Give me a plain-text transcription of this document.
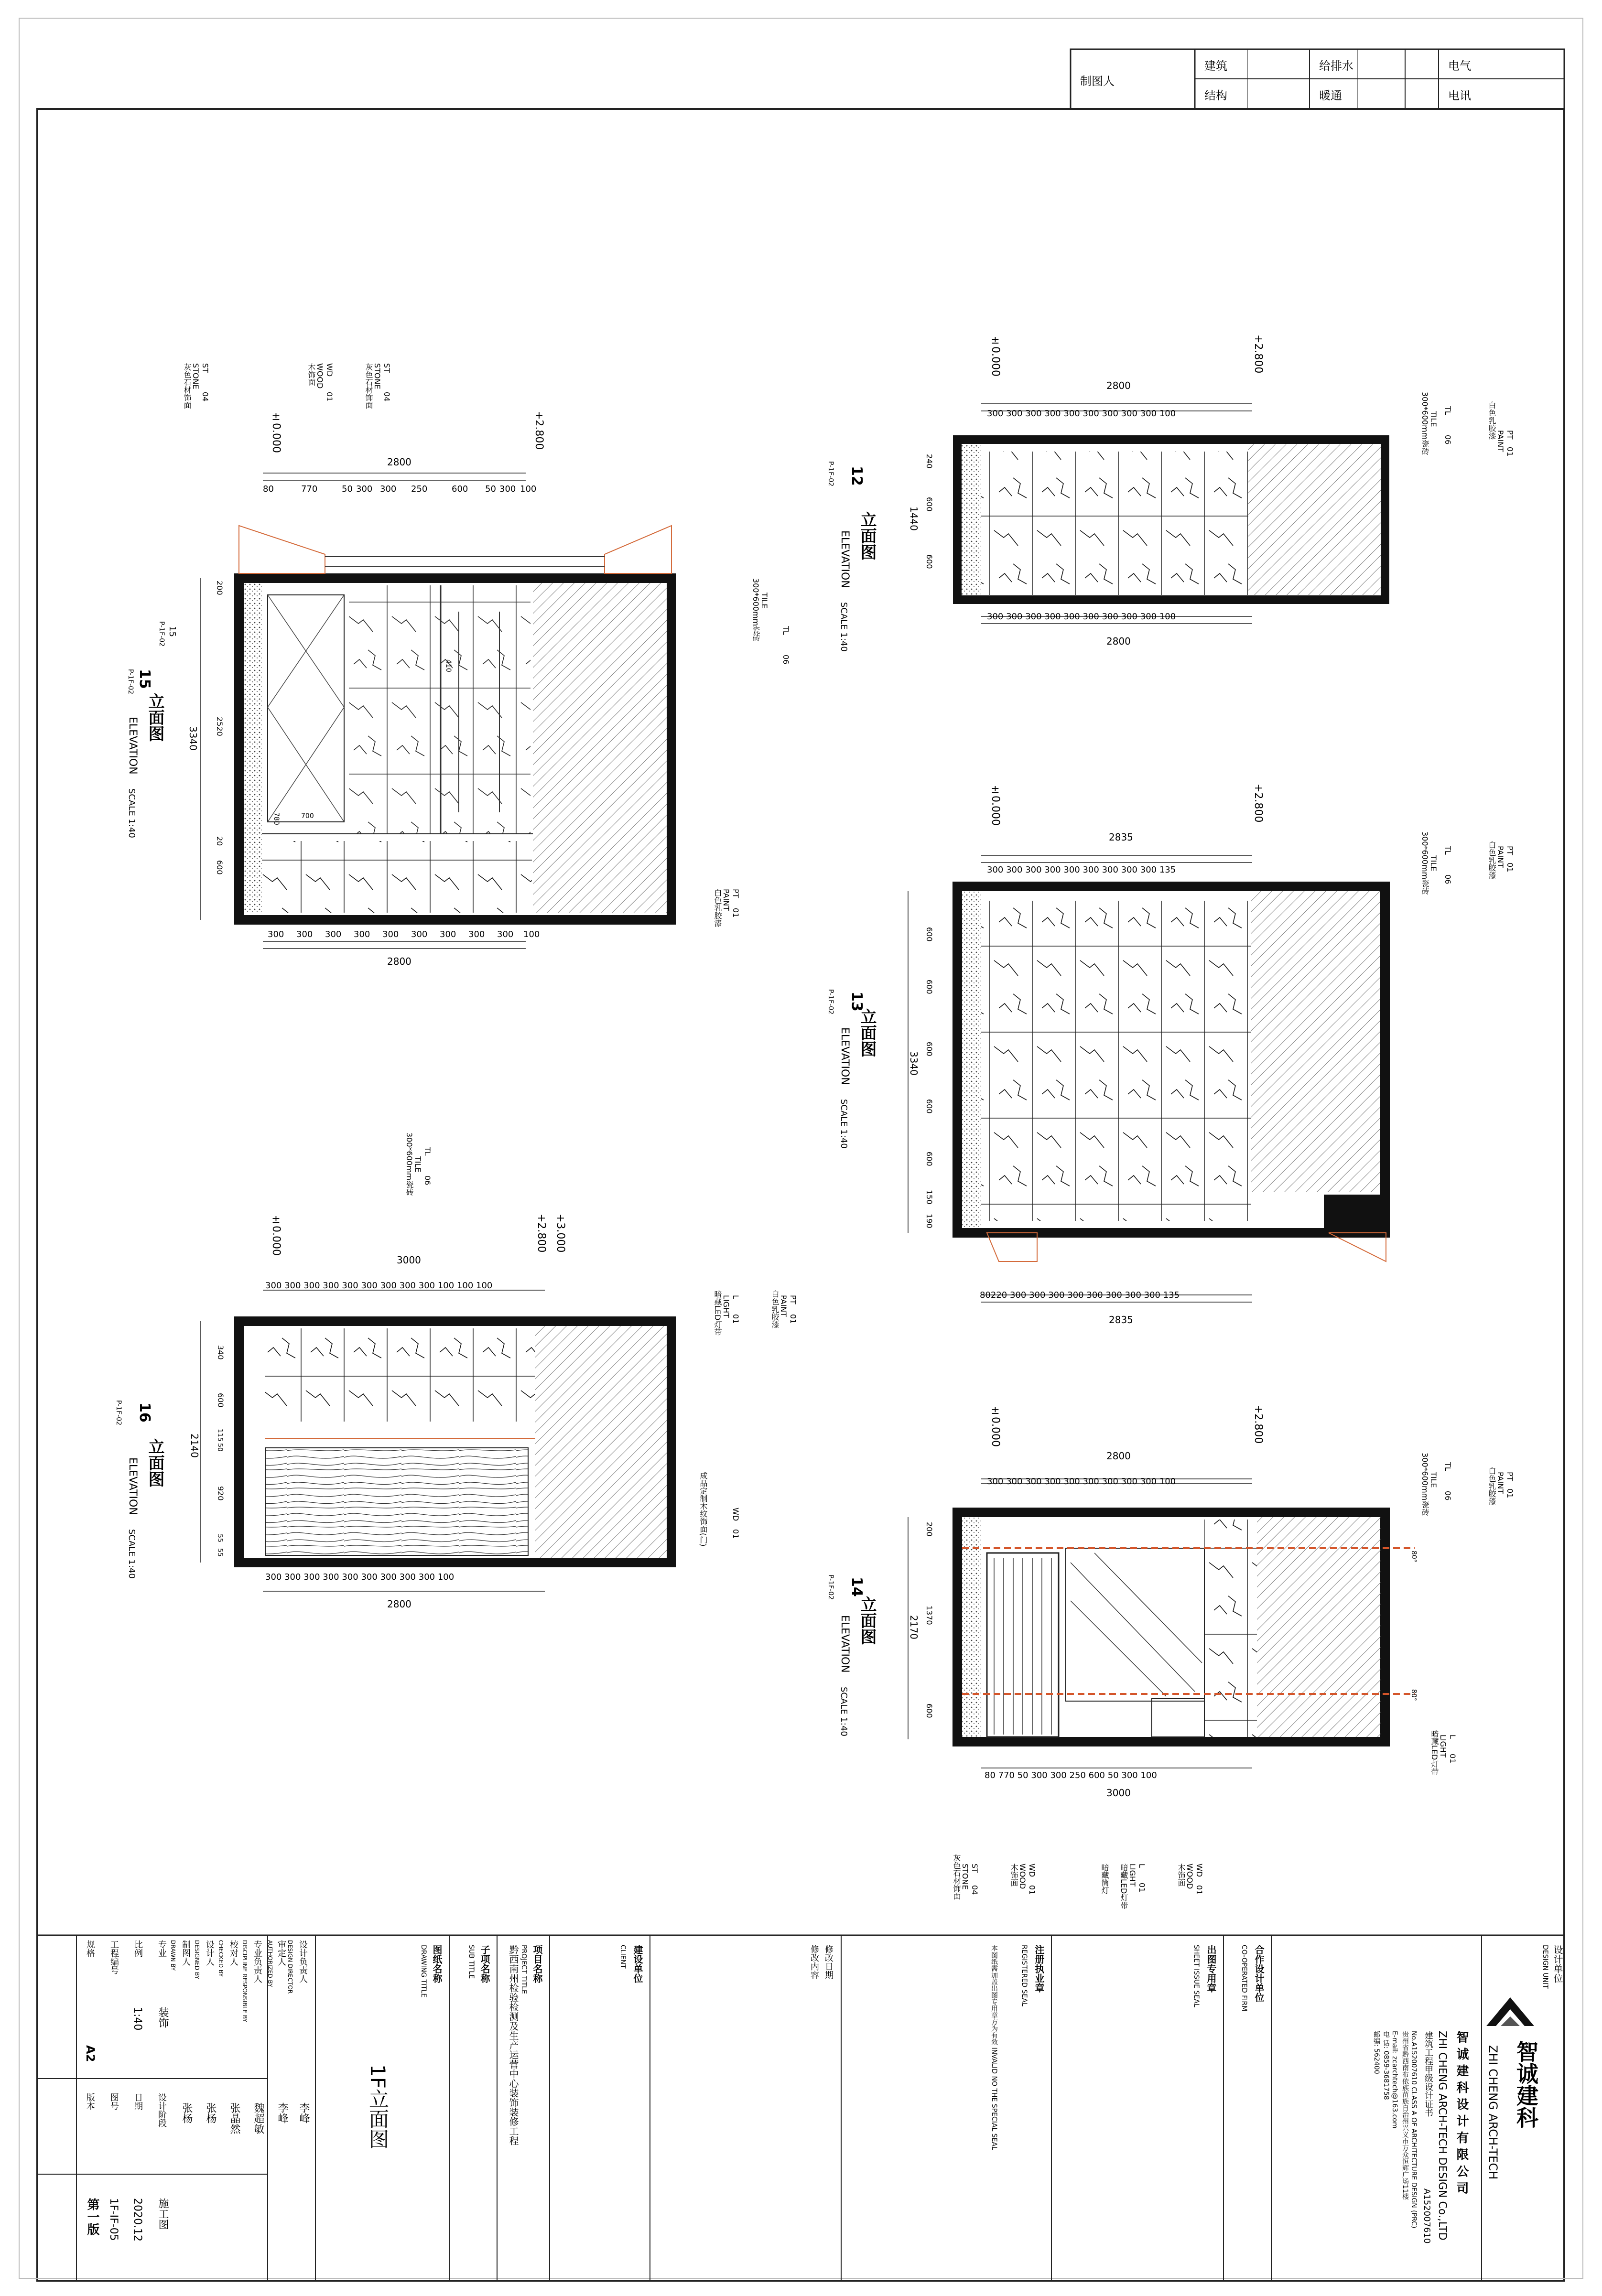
制图人
建筑	给排水	电气
结构	暖通	电讯
立面图
ELEVATION
SCALE 1:40
15
±0.000	+2.800
2800
2800
3340
80	770	50 300 300 250	600 50 300 100
300 300 300 300 300 300 300 300 300 100
200
2520
20
600
ST
04
STONE
灰色石材饰面	WD
01
WOOD
木饰面	ST
04
STONE
灰色石材饰面
TL
06
TILE
300*600mm瓷砖
PT
01
PAINT
白色乳胶漆
780	700
410
15
P-1F-02
P-1F-02
立面图
ELEVATION
SCALE 1:40
12
P-1F-02
±0.000	+2.800
2800
2800
1440
300 300 300 300 300 300 300 300 300 100
300 300 300 300 300 300 300 300 300 100
240
600
600
PT
01
PAINT
白色乳胶漆
TL
06
TILE
300*600mm瓷砖
立面图
ELEVATION
SCALE 1:40
13
P-1F-02
±0.000	+2.800
2835
2835
3340
300 300 300 300 300 300 300 300 300 135
80220 300 300 300 300 300 300 300 300 135
600
600
600
600
600
150
190
PT
01
PAINT
白色乳胶漆
TL
06
TILE
300*600mm瓷砖
立面图
ELEVATION
SCALE 1:40
16
P-1F-02
±0.000	+2.800 +3.000
3000
2800
2140
300 300 300 300 300 300 300 300 300 100 100 100
300 300 300 300 300 300 300 300 300 100
340
600
115
50
920
55
55
TL
06
TILE
300*600mm瓷砖
PT
01
PAINT
白色乳胶漆
L
01
LIGHT
暗藏LED灯带
WD
01
成品定制木纹饰面(门)
立面图
ELEVATION
SCALE 1:40
14
P-1F-02
±0.000	+2.800
2800
3000
2170
300 300 300 300 300 300 300 300 300 100
80 770 50 300 300 250 600 50 300 100
200
1370
600
80°
80°
PT
01
PAINT
白色乳胶漆
TL
06
TILE
300*600mm瓷砖
L
01
LIGHT
暗藏LED灯带
ST
04
STONE
灰色石材饰面	WD
01
WOOD
木饰面	暗藏筒灯	L
01
LIGHT
暗藏LED灯带	WD
01
WOOD
木饰面
设计单位
DESIGN UNIT
智诚建科
ZHI CHENG ARCH-TECH
智 诚 建 科 设 计 有 限 公 司
ZHI CHENG ARCH-TECH DESIGN Co.,LTD
建筑工程甲级设计证书
A152007610
No.A152007610 CLASS A OF ARCHITECTURE DESIGN (PRC)
贵州省黔西南布依族苗族自治州兴义市万众恒辉广场11楼
E-mail: zcarchtech@163.com
电 话: 0859-3681758
邮编: 562400
合作设计单位
CO-OPERATED FIRM
出图专用章
SHEET ISSUE SEAL
注册执业章
REGISTERED SEAL
本图纸需加盖出图专用章方为有效 INVALID NO THE SPECIAL SEAL
修改日期
修改内容
建设单位
CLIENT
项目名称
PROJECT TITLE
黔西南州检验检测及生产运营中心装饰装修工程
子项名称
SUB TITLE
图纸名称
DRAWING TITLE
1F立面图
设计负责人
DESIGN DIRECTOR
李峰
审定人
AUTHORIZED BY
李峰
专业负责人
DISCIPLINE RESPONSIBLE BY
魏超敏
校对人
CHECKED BY
张晶然
设计人
DESIGNED BY
张杨
制图人
DRAWN BY
张杨
专业
装饰
设计阶段
施工图
比例
1:40
日期
2020.12
工程编号
图号
1F-IF-05
规格
A2
版本
第一版
